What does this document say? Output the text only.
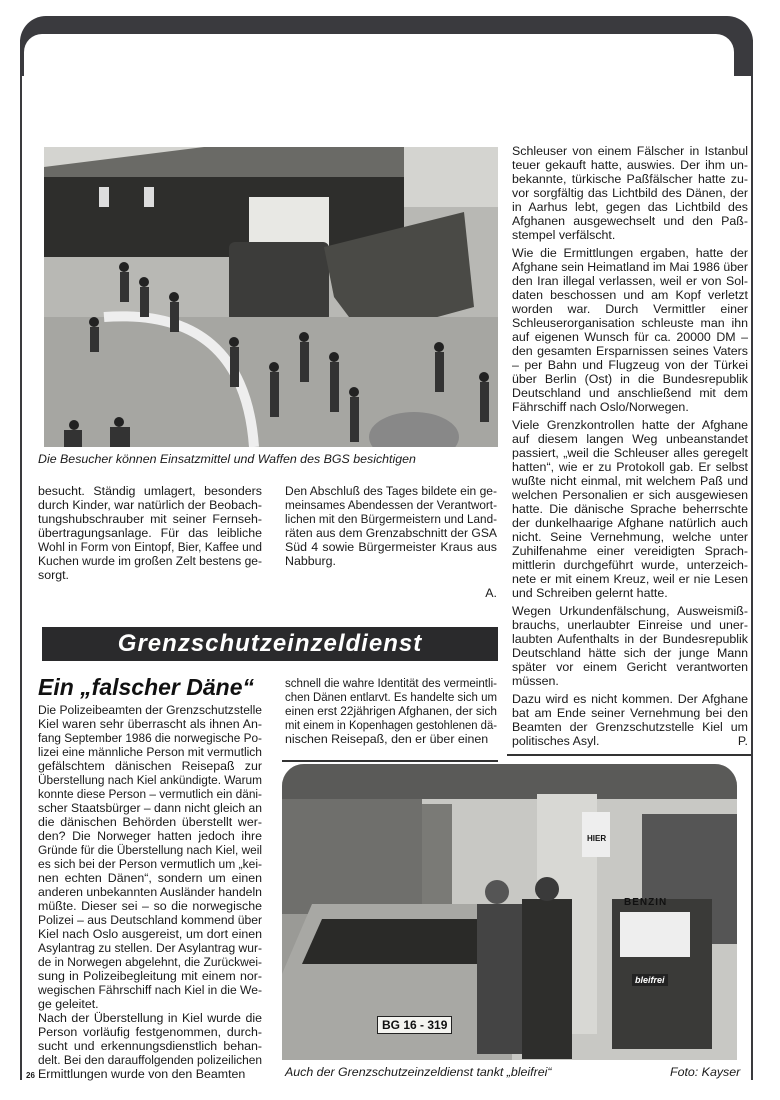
Die Besucher können Einsatzmittel und Waffen des BGS besichtigen
besucht. Ständig umlagert, besonders
durch Kinder, war natürlich der Beobach-
tungshubschrauber mit seiner Fernseh-
übertragungsanlage. Für das leibliche
Wohl in Form von Eintopf, Bier, Kaffee und
Kuchen wurde im großen Zelt bestens ge-
sorgt.
Den Abschluß des Tages bildete ein ge-
meinsames Abendessen der Verantwort-
lichen mit den Bürgermeistern und Land-
räten aus dem Grenzabschnitt der GSA
Süd 4 sowie Bürgermeister Kraus aus
Nabburg.
A.
Grenzschutzeinzeldienst
Ein „falscher Däne“
Die Polizeibeamten der Grenzschutzstelle
Kiel waren sehr überrascht als ihnen An-
fang September 1986 die norwegische Po-
lizei eine männliche Person mit vermutlich
gefälschtem dänischen Reisepaß zur
Überstellung nach Kiel ankündigte. Warum
konnte diese Person – vermutlich ein däni-
scher Staatsbürger – dann nicht gleich an
die dänischen Behörden überstellt wer-
den? Die Norweger hatten jedoch ihre
Gründe für die Überstellung nach Kiel, weil
es sich bei der Person vermutlich um „kei-
nen echten Dänen“, sondern um einen
anderen unbekannten Ausländer handeln
müßte. Dieser sei – so die norwegische
Polizei – aus Deutschland kommend über
Kiel nach Oslo ausgereist, um dort einen
Asylantrag zu stellen. Der Asylantrag wur-
de in Norwegen abgelehnt, die Zurückwei-
sung in Polizeibegleitung mit einem nor-
wegischen Fährschiff nach Kiel in die We-
ge geleitet.
Nach der Überstellung in Kiel wurde die
Person vorläufig festgenommen, durch-
sucht und erkennungsdienstlich behan-
delt. Bei den darauffolgenden polizeilichen
Ermittlungen wurde von den Beamten
schnell die wahre Identität des vermeintli-
chen Dänen entlarvt. Es handelte sich um
einen erst 22jährigen Afghanen, der sich
mit einem in Kopenhagen gestohlenen dä-
nischen Reisepaß, den er über einen
Schleuser von einem Fälscher in Istanbul
teuer gekauft hatte, auswies. Der ihm un-
bekannte, türkische Paßfälscher hatte zu-
vor sorgfältig das Lichtbild des Dänen, der
in Aarhus lebt, gegen das Lichtbild des
Afghanen ausgewechselt und den Paß-
stempel verfälscht.
Wie die Ermittlungen ergaben, hatte der
Afghane sein Heimatland im Mai 1986 über
den Iran illegal verlassen, weil er von Sol-
daten beschossen und am Kopf verletzt
worden war. Durch Vermittler einer
Schleuserorganisation schleuste man ihn
auf eigenen Wunsch für ca. 20000 DM –
den gesamten Ersparnissen seines Vaters
– per Bahn und Flugzeug von der Türkei
über Berlin (Ost) in die Bundesrepublik
Deutschland und anschließend mit dem
Fährschiff nach Oslo/Norwegen.
Viele Grenzkontrollen hatte der Afghane
auf diesem langen Weg unbeanstandet
passiert, „weil die Schleuser alles geregelt
hatten“, wie er zu Protokoll gab. Er selbst
wußte nicht einmal, mit welchem Paß und
welchen Personalien er sich ausgewiesen
hatte. Die dänische Sprache beherrschte
der dunkelhaarige Afghane natürlich auch
nicht. Seine Vernehmung, welche unter
Zuhilfenahme einer vereidigten Sprach-
mittlerin durchgeführt wurde, unterzeich-
nete er mit einem Kreuz, weil er nie Lesen
und Schreiben gelernt hatte.
Wegen Urkundenfälschung, Ausweismiß-
brauchs, unerlaubter Einreise und uner-
laubten Aufenthalts in der Bundesrepublik
Deutschland hätte sich der junge Mann
später vor einem Gericht verantworten
müssen.
Dazu wird es nicht kommen. Der Afghane
bat am Ende seiner Vernehmung bei den
Beamten der Grenzschutzstelle Kiel um
politisches Asyl.	P.
BENZIN
HIER
bleifrei
BG 16 - 319
Auch der Grenzschutzeinzeldienst tankt „bleifrei“	Foto: Kayser
26
